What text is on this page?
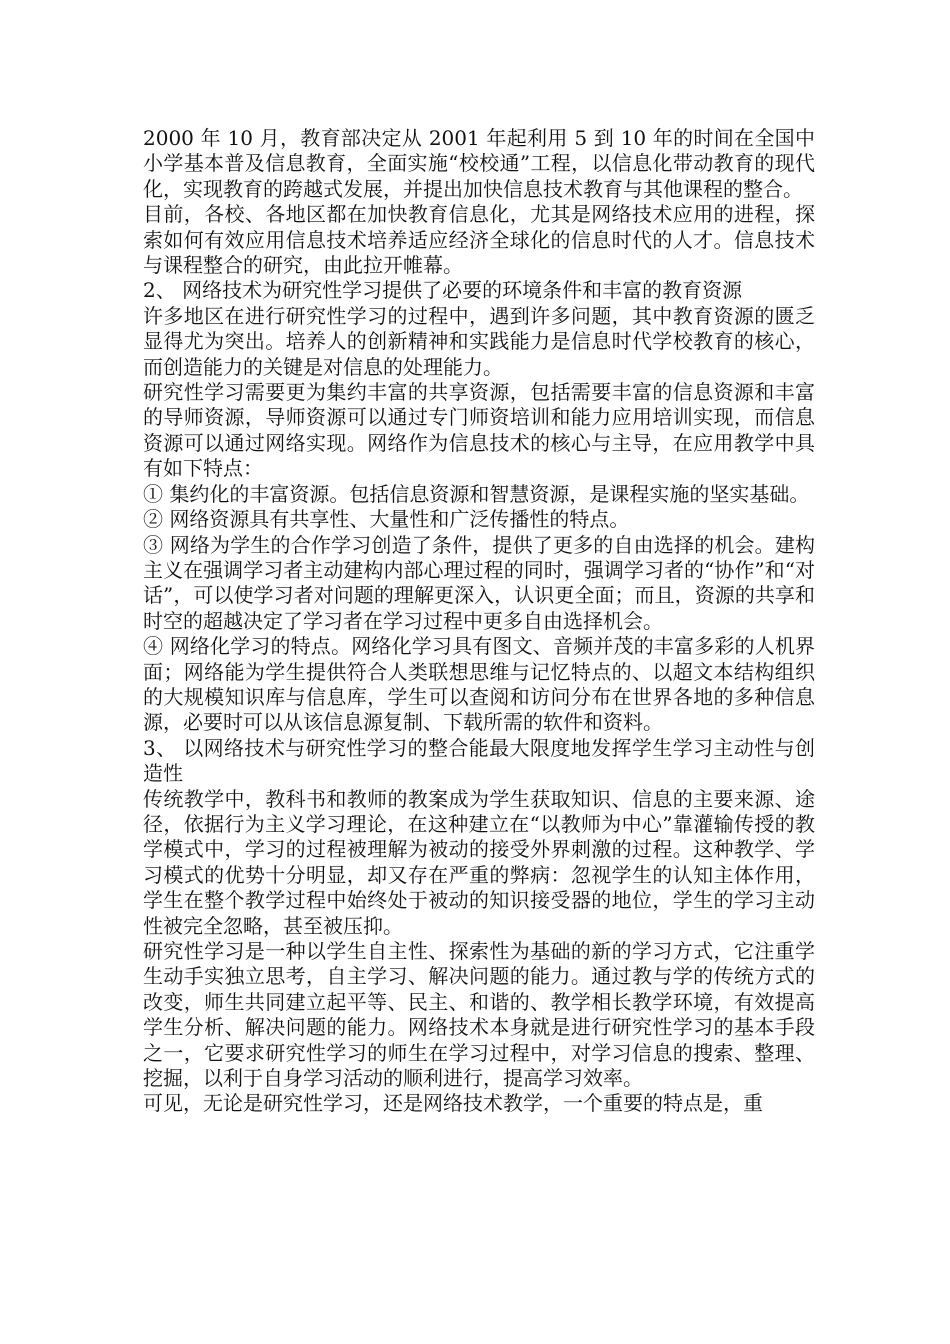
2000 年 10 月，教育部决定从 2001 年起利用 5 到 10 年的时间在全国中小学基本普及信息教育，全面实施“校校通”工程，以信息化带动教育的现代化，实现教育的跨越式发展，并提出加快信息技术教育与其他课程的整合。

目前，各校、各地区都在加快教育信息化，尤其是网络技术应用的进程，探索如何有效应用信息技术培养适应经济全球化的信息时代的人才。信息技术与课程整合的研究，由此拉开帷幕。

2、 网络技术为研究性学习提供了必要的环境条件和丰富的教育资源

许多地区在进行研究性学习的过程中，遇到许多问题，其中教育资源的匮乏显得尤为突出。培养人的创新精神和实践能力是信息时代学校教育的核心，而创造能力的关键是对信息的处理能力。

研究性学习需要更为集约丰富的共享资源，包括需要丰富的信息资源和丰富的导师资源，导师资源可以通过专门师资培训和能力应用培训实现，而信息资源可以通过网络实现。网络作为信息技术的核心与主导，在应用教学中具有如下特点：

① 集约化的丰富资源。包括信息资源和智慧资源，是课程实施的坚实基础。

② 网络资源具有共享性、大量性和广泛传播性的特点。

③ 网络为学生的合作学习创造了条件，提供了更多的自由选择的机会。建构主义在强调学习者主动建构内部心理过程的同时，强调学习者的“协作”和“对话”，可以使学习者对问题的理解更深入，认识更全面；而且，资源的共享和时空的超越决定了学习者在学习过程中更多自由选择机会。

④ 网络化学习的特点。网络化学习具有图文、音频并茂的丰富多彩的人机界面；网络能为学生提供符合人类联想思维与记忆特点的、以超文本结构组织的大规模知识库与信息库，学生可以查阅和访问分布在世界各地的多种信息源，必要时可以从该信息源复制、下载所需的软件和资料。

3、 以网络技术与研究性学习的整合能最大限度地发挥学生学习主动性与创造性

传统教学中，教科书和教师的教案成为学生获取知识、信息的主要来源、途径，依据行为主义学习理论，在这种建立在“以教师为中心”靠灌输传授的教学模式中，学习的过程被理解为被动的接受外界刺激的过程。这种教学、学习模式的优势十分明显，却又存在严重的弊病：忽视学生的认知主体作用，学生在整个教学过程中始终处于被动的知识接受器的地位，学生的学习主动性被完全忽略，甚至被压抑。

研究性学习是一种以学生自主性、探索性为基础的新的学习方式，它注重学生动手实独立思考，自主学习、解决问题的能力。通过教与学的传统方式的改变，师生共同建立起平等、民主、和谐的、教学相长教学环境，有效提高学生分析、解决问题的能力。网络技术本身就是进行研究性学习的基本手段之一，它要求研究性学习的师生在学习过程中，对学习信息的搜索、整理、挖掘，以利于自身学习活动的顺利进行，提高学习效率。

可见，无论是研究性学习，还是网络技术教学，一个重要的特点是，重
